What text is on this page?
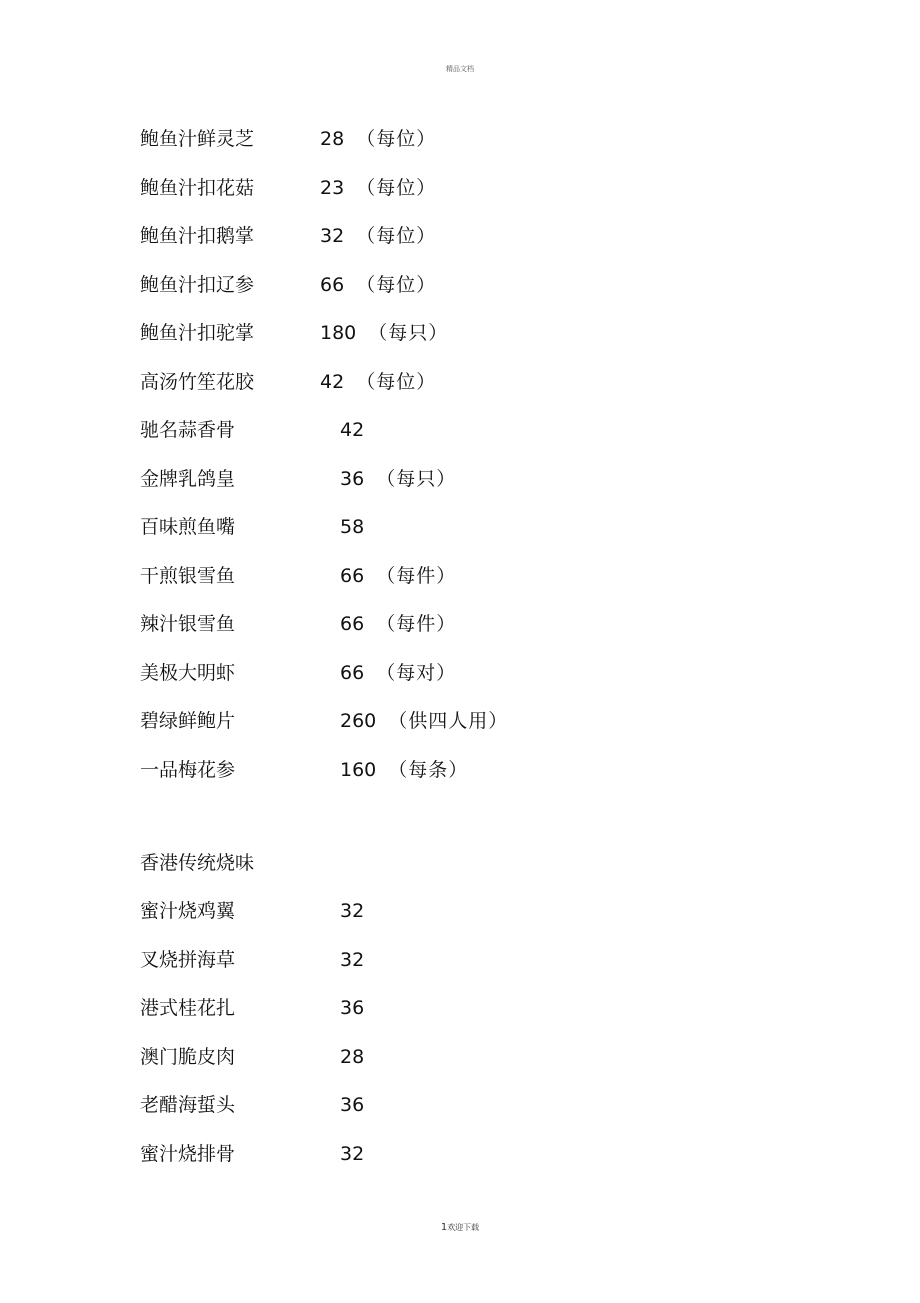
精品文档
鲍鱼汁鲜灵芝	28 （每位）
鲍鱼汁扣花菇	23 （每位）
鲍鱼汁扣鹅掌	32 （每位）
鲍鱼汁扣辽参	66 （每位）
鲍鱼汁扣驼掌	180 （每只）
高汤竹笙花胶	42 （每位）
驰名蒜香骨	42
金牌乳鸽皇	36 （每只）
百味煎鱼嘴	58
干煎银雪鱼	66 （每件）
辣汁银雪鱼	66 （每件）
美极大明虾	66 （每对）
碧绿鲜鲍片	260 （供四人用）
一品梅花参	160 （每条）
香港传统烧味
蜜汁烧鸡翼	32
叉烧拼海草	32
港式桂花扎	36
澳门脆皮肉	28
老醋海蜇头	36
蜜汁烧排骨	32
1欢迎下载
